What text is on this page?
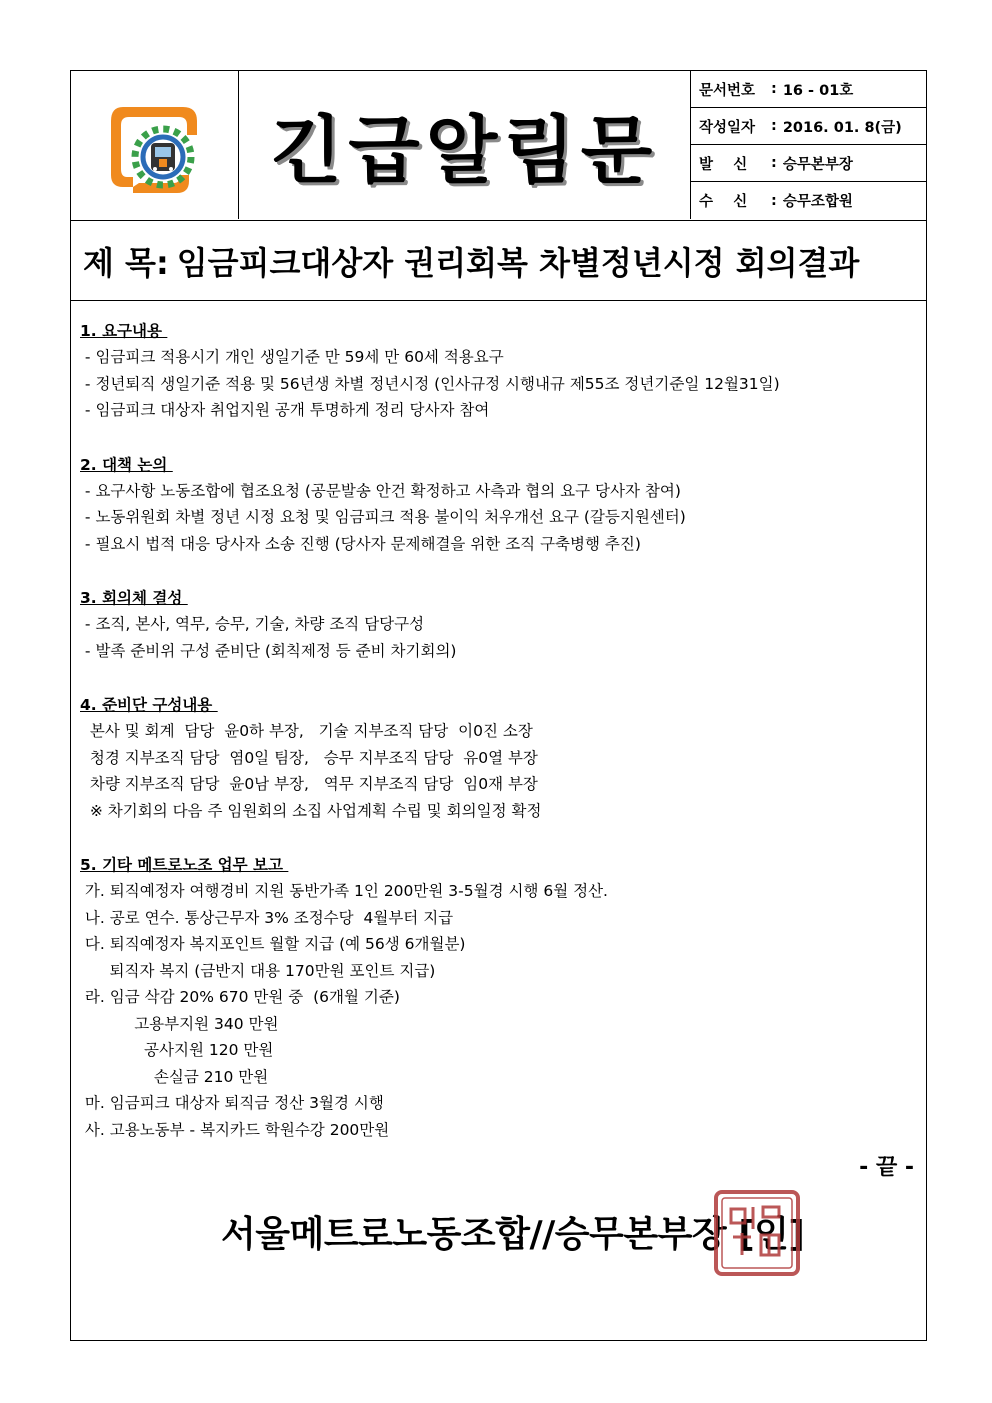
긴급알림문
문서번호	: 16 - 01호
작성일자	: 2016. 01. 8(금)
발    신	: 승무본부장
수    신	: 승무조합원
제 목: 임금피크대상자 권리회복 차별정년시정 회의결과
- 끝 -
서울메트로노동조합//승무본부장 [인]
1. 요구내용
- 임금피크 적용시기 개인 생일기준 만 59세 만 60세 적용요구
- 정년퇴직 생일기준 적용 및 56년생 차별 정년시정 (인사규정 시행내규 제55조 정년기준일 12월31일)
- 임금피크 대상자 취업지원 공개 투명하게 정리 당사자 참여
2. 대책 논의
- 요구사항 노동조합에 협조요청 (공문발송 안건 확정하고 사측과 협의 요구 당사자 참여)
- 노동위원회 차별 정년 시정 요청 및 임금피크 적용 불이익 처우개선 요구 (갈등지원센터)
- 필요시 법적 대응 당사자 소송 진행 (당사자 문제해결을 위한 조직 구축병행 추진)
3. 회의체 결성
- 조직, 본사, 역무, 승무, 기술, 차량 조직 담당구성
- 발족 준비위 구성 준비단 (회칙제정 등 준비 차기회의)
4. 준비단 구성내용
본사 및 회계  담당  윤0하 부장,   기술 지부조직 담당  이0진 소장
청경 지부조직 담당  염0일 팀장,   승무 지부조직 담당  유0열 부장
차량 지부조직 담당  윤0남 부장,   역무 지부조직 담당  임0재 부장
※ 차기회의 다음 주 임원회의 소집 사업계획 수립 및 회의일정 확정
5. 기타 메트로노조 업무 보고
가. 퇴직예정자 여행경비 지원 동반가족 1인 200만원 3-5월경 시행 6월 정산.
나. 공로 연수. 통상근무자 3% 조정수당  4월부터 지급
다. 퇴직예정자 복지포인트 월할 지급 (예 56생 6개월분)
퇴직자 복지 (금반지 대용 170만원 포인트 지급)
라. 임금 삭감 20% 670 만원 중  (6개월 기준)
고용부지원 340 만원
공사지원 120 만원
손실금 210 만원
마. 임금피크 대상자 퇴직금 정산 3월경 시행
사. 고용노동부 - 복지카드 학원수강 200만원
